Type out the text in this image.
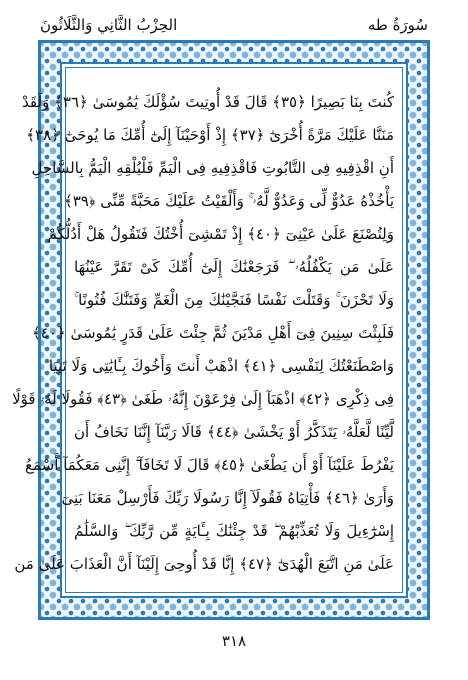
سُورَةُ طه
الحِزْبُ الثَّانِي وَالثَّلَاثُونَ
كُنتَ بِنَا بَصِيرًا ﴿٣٥﴾ قَالَ قَدْ أُوتِيتَ سُؤْلَكَ يَٰمُوسَىٰ ﴿٣٦﴾ وَلَقَدْ
مَنَنَّا عَلَيْكَ مَرَّةً أُخْرَىٰٓ ﴿٣٧﴾ إِذْ أَوْحَيْنَآ إِلَىٰٓ أُمِّكَ مَا يُوحَىٰٓ ﴿٣٨﴾
أَنِ اقْذِفِيهِ فِى التَّابُوتِ فَاقْذِفِيهِ فِى الْيَمِّ فَلْيُلْقِهِ الْيَمُّ بِالسَّاحِلِ
يَأْخُذْهُ عَدُوٌّ لِّى وَعَدُوٌّ لَّهُۥ ۚ وَأَلْقَيْتُ عَلَيْكَ مَحَبَّةً مِّنِّى ﴿٣٩﴾
وَلِتُصْنَعَ عَلَىٰ عَيْنِىٓ ﴿٤٠﴾ إِذْ تَمْشِىٓ أُخْتُكَ فَتَقُولُ هَلْ أَدُلُّكُمْ
عَلَىٰ مَن يَكْفُلُهُۥ ۖ فَرَجَعْنَٰكَ إِلَىٰٓ أُمِّكَ كَىْ تَقَرَّ عَيْنُهَا
وَلَا تَحْزَنَ ۚ وَقَتَلْتَ نَفْسًا فَنَجَّيْنَٰكَ مِنَ الْغَمِّ وَفَتَنَّٰكَ فُتُونًا ۚ
فَلَبِثْتَ سِنِينَ فِىٓ أَهْلِ مَدْيَنَ ثُمَّ جِئْتَ عَلَىٰ قَدَرٍ يَٰمُوسَىٰ ﴿٤٠﴾
وَاصْطَنَعْتُكَ لِنَفْسِى ﴿٤١﴾ اذْهَبْ أَنتَ وَأَخُوكَ بِـَٔايَٰتِى وَلَا تَنِيَا
فِى ذِكْرِى ﴿٤٢﴾ اذْهَبَآ إِلَىٰ فِرْعَوْنَ إِنَّهُۥ طَغَىٰ ﴿٤٣﴾ فَقُولَا لَهُۥ قَوْلًا
لَّيِّنًا لَّعَلَّهُۥ يَتَذَكَّرُ أَوْ يَخْشَىٰ ﴿٤٤﴾ قَالَا رَبَّنَآ إِنَّنَا نَخَافُ أَن
يَفْرُطَ عَلَيْنَآ أَوْ أَن يَطْغَىٰ ﴿٤٥﴾ قَالَ لَا تَخَافَآ ۖ إِنَّنِى مَعَكُمَآ أَسْمَعُ
وَأَرَىٰ ﴿٤٦﴾ فَأْتِيَاهُ فَقُولَآ إِنَّا رَسُولَا رَبِّكَ فَأَرْسِلْ مَعَنَا بَنِىٓ
إِسْرَٰٓءِيلَ وَلَا تُعَذِّبْهُمْ ۖ قَدْ جِئْنَٰكَ بِـَٔايَةٍ مِّن رَّبِّكَ ۖ وَالسَّلَٰمُ
عَلَىٰ مَنِ اتَّبَعَ الْهُدَىٰٓ ﴿٤٧﴾ إِنَّا قَدْ أُوحِىَ إِلَيْنَآ أَنَّ الْعَذَابَ عَلَىٰ مَن
٣١٨
